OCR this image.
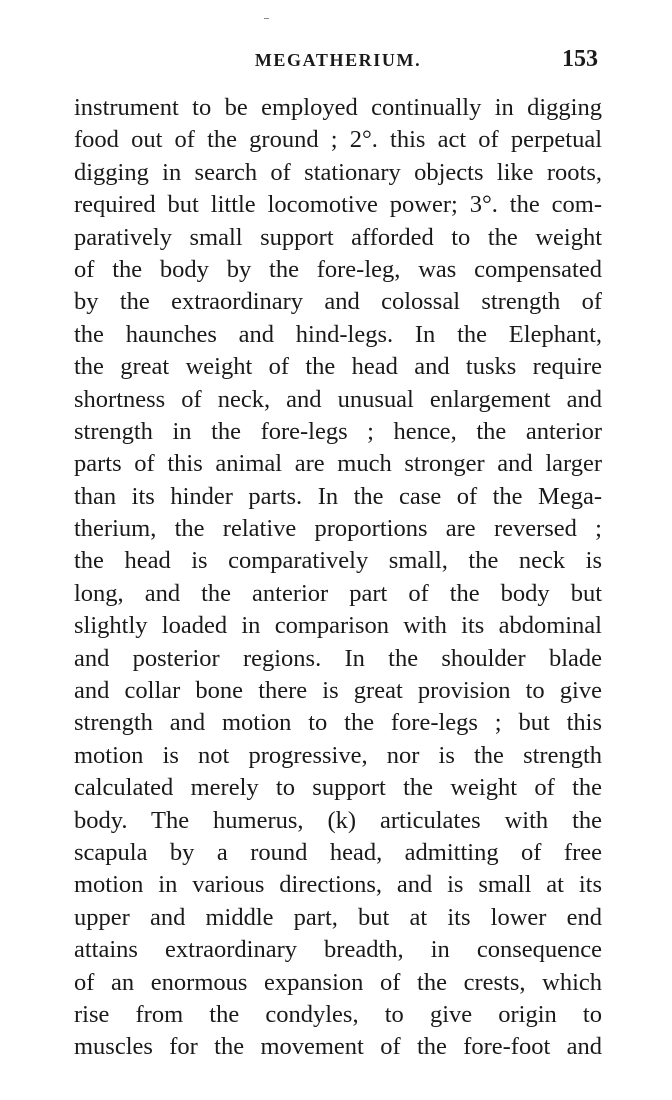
MEGATHERIUM.	153
instrument to be employed continually in digging
food out of the ground ; 2°. this act of perpetual
digging in search of stationary objects like roots,
required but little locomotive power; 3°. the com-
paratively small support afforded to the weight
of the body by the fore-leg, was compensated
by the extraordinary and colossal strength of
the haunches and hind-legs. In the Elephant,
the great weight of the head and tusks require
shortness of neck, and unusual enlargement and
strength in the fore-legs ; hence, the anterior
parts of this animal are much stronger and larger
than its hinder parts. In the case of the Mega-
therium, the relative proportions are reversed ;
the head is comparatively small, the neck is
long, and the anterior part of the body but
slightly loaded in comparison with its abdominal
and posterior regions. In the shoulder blade
and collar bone there is great provision to give
strength and motion to the fore-legs ; but this
motion is not progressive, nor is the strength
calculated merely to support the weight of the
body. The humerus, (k) articulates with the
scapula by a round head, admitting of free
motion in various directions, and is small at its
upper and middle part, but at its lower end
attains extraordinary breadth, in consequence
of an enormous expansion of the crests, which
rise from the condyles, to give origin to
muscles for the movement of the fore-foot and
